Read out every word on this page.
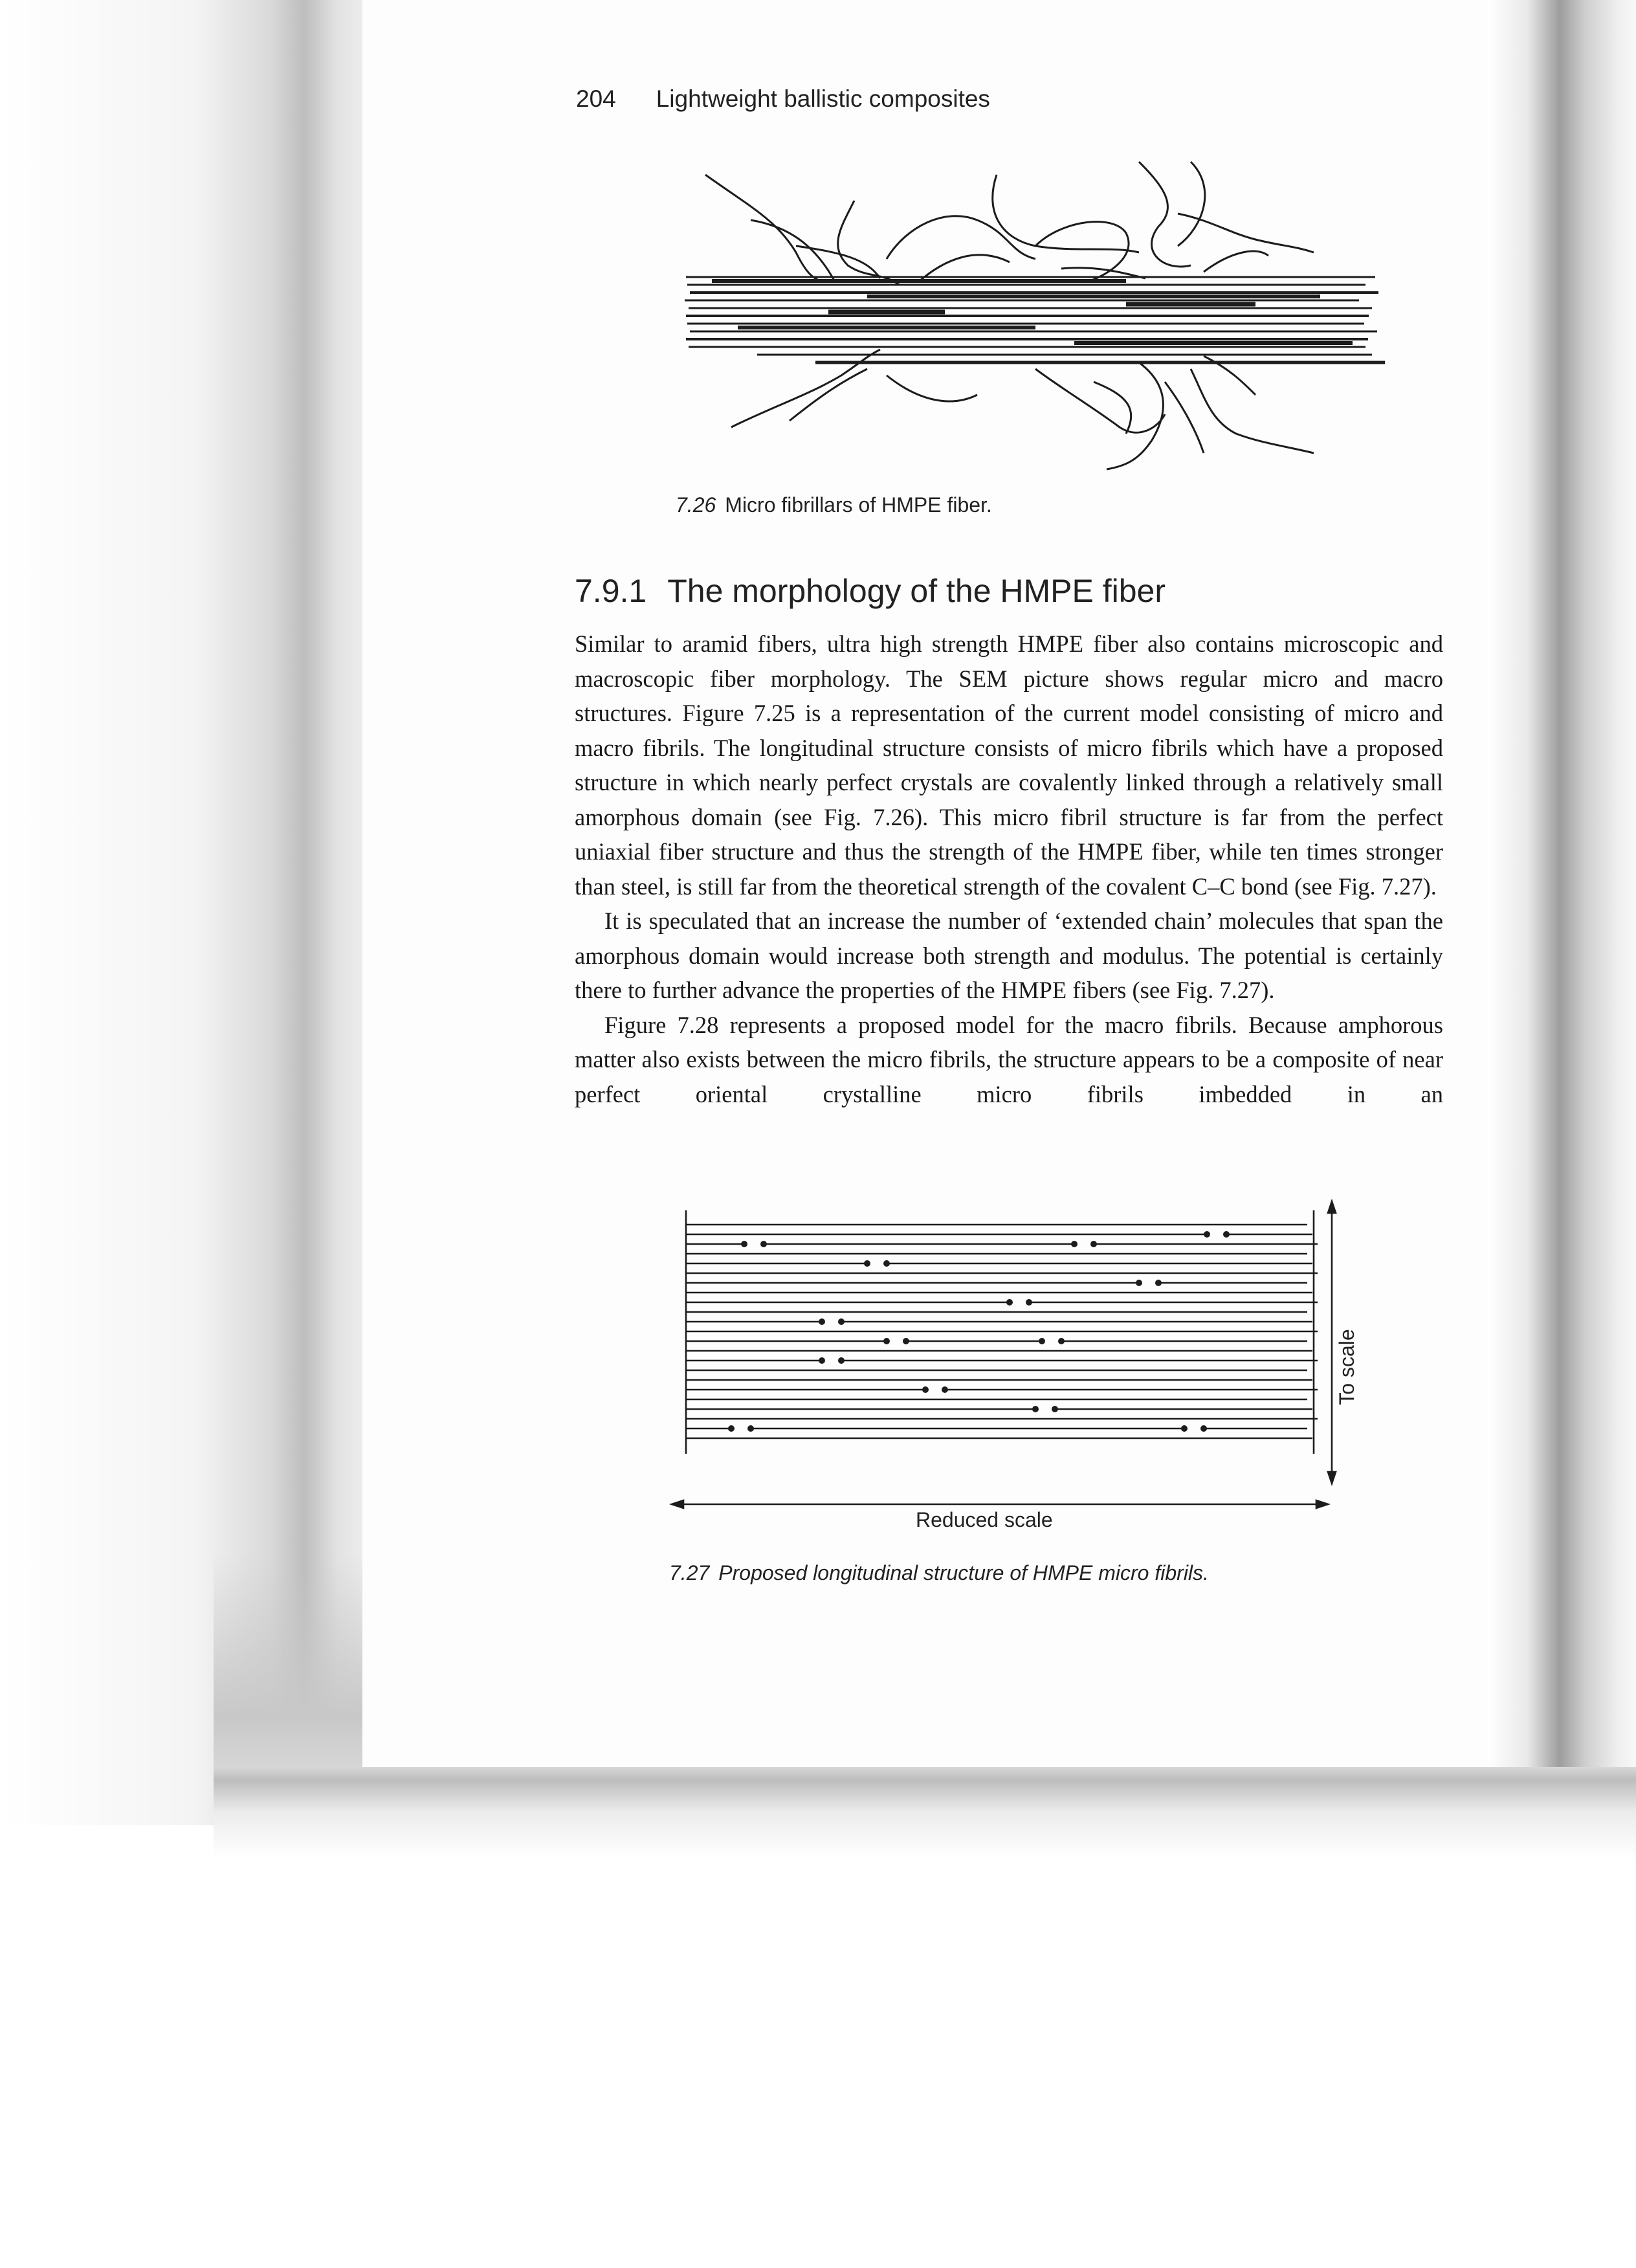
204 Lightweight ballistic composites
7.26 Micro fibrillars of HMPE fiber.
7.9.1 The morphology of the HMPE fiber

Similar to aramid fibers, ultra high strength HMPE fiber also contains microscopic and macroscopic fiber morphology. The SEM picture shows regular micro and macro structures. Figure 7.25 is a representation of the current model consisting of micro and macro fibrils. The longitudinal structure consists of micro fibrils which have a proposed structure in which nearly perfect crystals are covalently linked through a relatively small amorphous domain (see Fig. 7.26). This micro fibril structure is far from the perfect uniaxial fiber structure and thus the strength of the HMPE fiber, while ten times stronger than steel, is still far from the theoretical strength of the covalent C–C bond (see Fig. 7.27).

It is speculated that an increase the number of ‘extended chain’ molecules that span the amorphous domain would increase both strength and modulus. The potential is certainly there to further advance the properties of the HMPE fibers (see Fig. 7.27).

Figure 7.28 represents a proposed model for the macro fibrils. Because amphorous matter also exists between the micro fibrils, the structure appears to be a composite of near perfect oriental crystalline micro fibrils imbedded in an

To scale
Reduced scale
7.27 Proposed longitudinal structure of HMPE micro fibrils.
